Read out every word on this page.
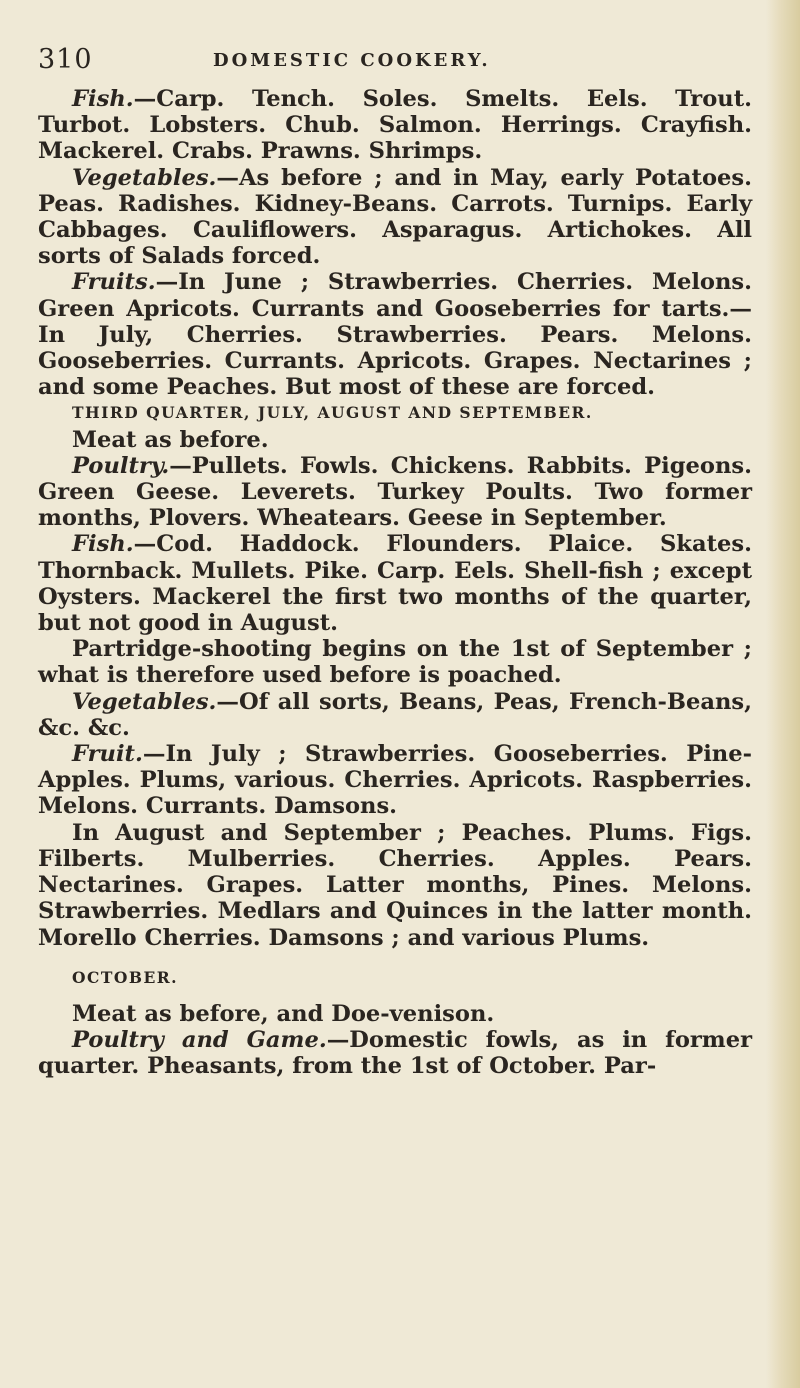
310	DOMESTIC COOKERY.

Fish.—Carp. Tench. Soles. Smelts. Eels. Trout. Turbot. Lobsters. Chub. Salmon. Herrings. Crayfish. Mackerel. Crabs. Prawns. Shrimps.

Vegetables.—As before ; and in May, early Potatoes. Peas. Radishes. Kidney-Beans. Carrots. Turnips. Early Cabbages. Cauliflowers. Asparagus. Artichokes. All sorts of Salads forced.

Fruits.—In June ; Strawberries. Cherries. Melons. Green Apricots. Currants and Gooseberries for tarts.— In July, Cherries. Strawberries. Pears. Melons. Gooseberries. Currants. Apricots. Grapes. Nectarines ; and some Peaches. But most of these are forced.

THIRD QUARTER, JULY, AUGUST AND SEPTEMBER.

Meat as before.

Poultry.—Pullets. Fowls. Chickens. Rabbits. Pigeons. Green Geese. Leverets. Turkey Poults. Two former months, Plovers. Wheatears. Geese in September.

Fish.—Cod. Haddock. Flounders. Plaice. Skates. Thornback. Mullets. Pike. Carp. Eels. Shell-fish ; except Oysters. Mackerel the first two months of the quarter, but not good in August.

Partridge-shooting begins on the 1st of September ; what is therefore used before is poached.

Vegetables.—Of all sorts, Beans, Peas, French-Beans, &c. &c.

Fruit.—In July ; Strawberries. Gooseberries. Pine-Apples. Plums, various. Cherries. Apricots. Raspberries. Melons. Currants. Damsons.

In August and September ; Peaches. Plums. Figs. Filberts. Mulberries. Cherries. Apples. Pears. Nectarines. Grapes. Latter months, Pines. Melons. Strawberries. Medlars and Quinces in the latter month. Morello Cherries. Damsons ; and various Plums.

OCTOBER.

Meat as before, and Doe-venison.

Poultry and Game.—Domestic fowls, as in former quarter. Pheasants, from the 1st of October. Par-
